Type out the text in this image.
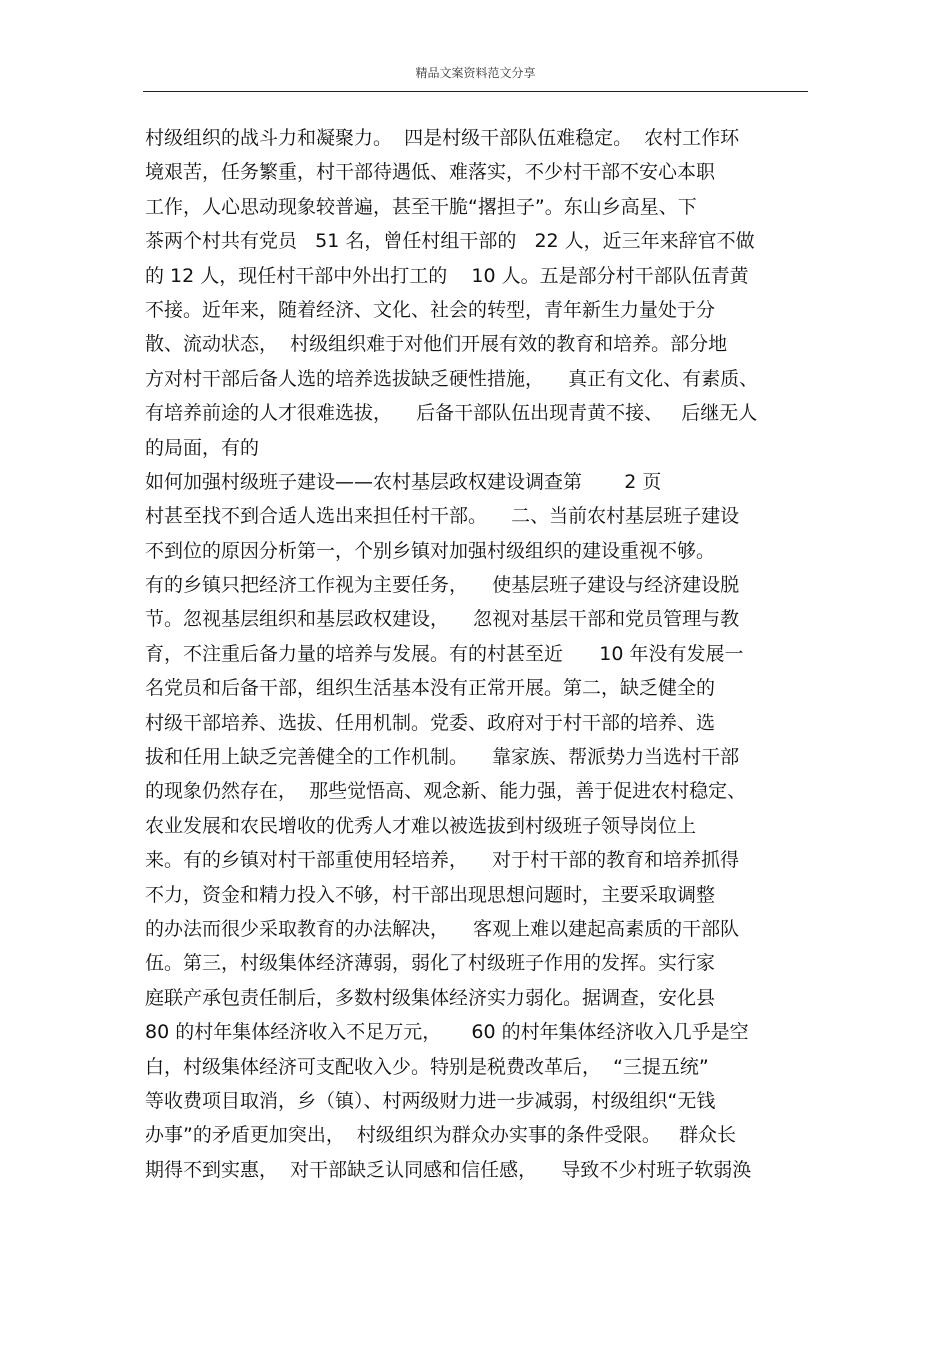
精品文案资料范文分享
村级组织的战斗力和凝聚力。  四是村级干部队伍难稳定。  农村工作环
境艰苦，任务繁重，村干部待遇低、难落实，不少村干部不安心本职
工作，人心思动现象较普遍，甚至干脆“撂担子”。东山乡高星、下
茶两个村共有党员   51 名，曾任村组干部的   22 人，近三年来辞官不做
的 12 人，现任村干部中外出打工的    10 人。五是部分村干部队伍青黄
不接。近年来，随着经济、文化、社会的转型，青年新生力量处于分
散、流动状态，  村级组织难于对他们开展有效的教育和培养。部分地
方对村干部后备人选的培养选拔缺乏硬性措施，    真正有文化、有素质、
有培养前途的人才很难选拔，    后备干部队伍出现青黄不接、   后继无人
的局面，有的
如何加强村级班子建设——农村基层政权建设调查第       2 页
村甚至找不到合适人选出来担任村干部。    二、当前农村基层班子建设
不到位的原因分析第一，个别乡镇对加强村级组织的建设重视不够。
有的乡镇只把经济工作视为主要任务，    使基层班子建设与经济建设脱
节。忽视基层组织和基层政权建设，    忽视对基层干部和党员管理与教
育，不注重后备力量的培养与发展。有的村甚至近      10 年没有发展一
名党员和后备干部，组织生活基本没有正常开展。第二，缺乏健全的
村级干部培养、选拔、任用机制。党委、政府对于村干部的培养、选
拔和任用上缺乏完善健全的工作机制。    靠家族、帮派势力当选村干部
的现象仍然存在，  那些觉悟高、观念新、能力强，善于促进农村稳定、
农业发展和农民增收的优秀人才难以被选拔到村级班子领导岗位上
来。有的乡镇对村干部重使用轻培养，    对于村干部的教育和培养抓得
不力，资金和精力投入不够，村干部出现思想问题时，主要采取调整
的办法而很少采取教育的办法解决，    客观上难以建起高素质的干部队
伍。第三，村级集体经济薄弱，弱化了村级班子作用的发挥。实行家
庭联产承包责任制后，多数村级集体经济实力弱化。据调查，安化县
80 的村年集体经济收入不足万元，     60 的村年集体经济收入几乎是空
白，村级集体经济可支配收入少。特别是税费改革后，  “三提五统”
等收费项目取消，乡（镇）、村两级财力进一步减弱，村级组织“无钱
办事”的矛盾更加突出，  村级组织为群众办实事的条件受限。   群众长
期得不到实惠，  对干部缺乏认同感和信任感，    导致不少村班子软弱涣
